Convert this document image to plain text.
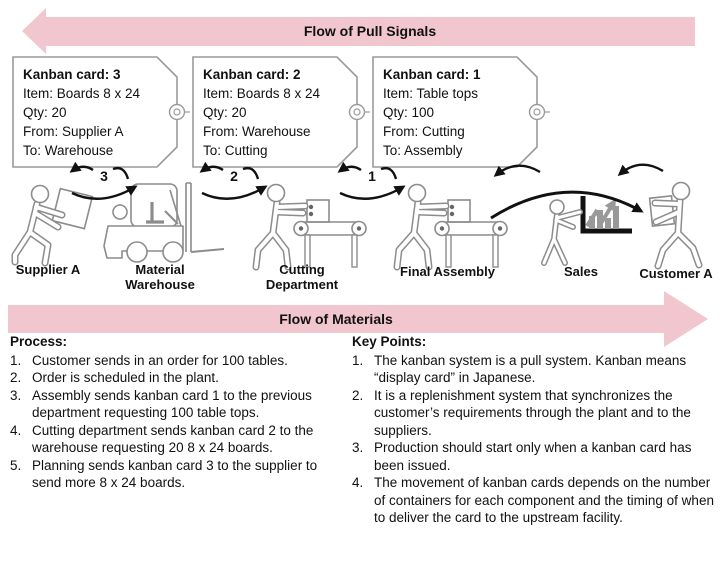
Flow of Pull Signals
Kanban card: 3
Item: Boards 8 x 24
Qty: 20
From: Supplier A
To: Warehouse
Kanban card: 2
Item: Boards 8 x 24
Qty: 20
From: Warehouse
To: Cutting
Kanban card: 1
Item: Table tops
Qty: 100
From: Cutting
To: Assembly
3	2	1
Supplier A	Material Warehouse
Cutting Department
Final Assembly	Sales	Customer A
Flow of Materials

Process:

1. Customer sends in an order for 100 tables.
2. Order is scheduled in the plant.
3. Assembly sends kanban card 1 to the previous department requesting 100 table tops.
4. Cutting department sends kanban card 2 to the warehouse requesting 20 8 x 24 boards.
5. Planning sends kanban card 3 to the supplier to send more 8 x 24 boards.

Key Points:

1. The kanban system is a pull system. Kanban means “display card” in Japanese.
2. It is a replenishment system that synchronizes the customer’s requirements through the plant and to the suppliers.
3. Production should start only when a kanban card has been issued.
4. The movement of kanban cards depends on the number of containers for each component and the timing of when to deliver the card to the upstream facility.
